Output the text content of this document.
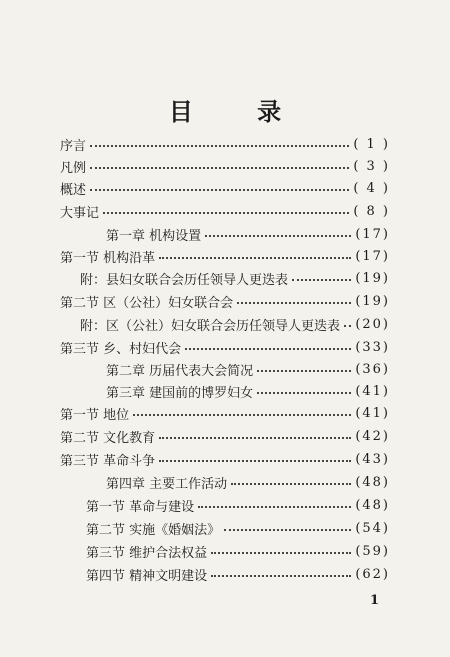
目 录
序言	( 1 )
凡例	( 3 )
概述	( 4 )
大事记	( 8 )
第一章 机构设置	(17)
第一节 机构沿革	(17)
附：县妇女联合会历任领导人更迭表	(19)
第二节 区（公社）妇女联合会	(19)
附：区（公社）妇女联合会历任领导人更迭表 (20)
第三节 乡、村妇代会	(33)
第二章 历届代表大会简况	(36)
第三章 建国前的博罗妇女	(41)
第一节 地位	(41)
第二节 文化教育	(42)
第三节 革命斗争	(43)
第四章 主要工作活动	(48)
第一节 革命与建设	(48)
第二节 实施《婚姻法》	(54)
第三节 维护合法权益	(59)
第四节 精神文明建设	(62)
1
